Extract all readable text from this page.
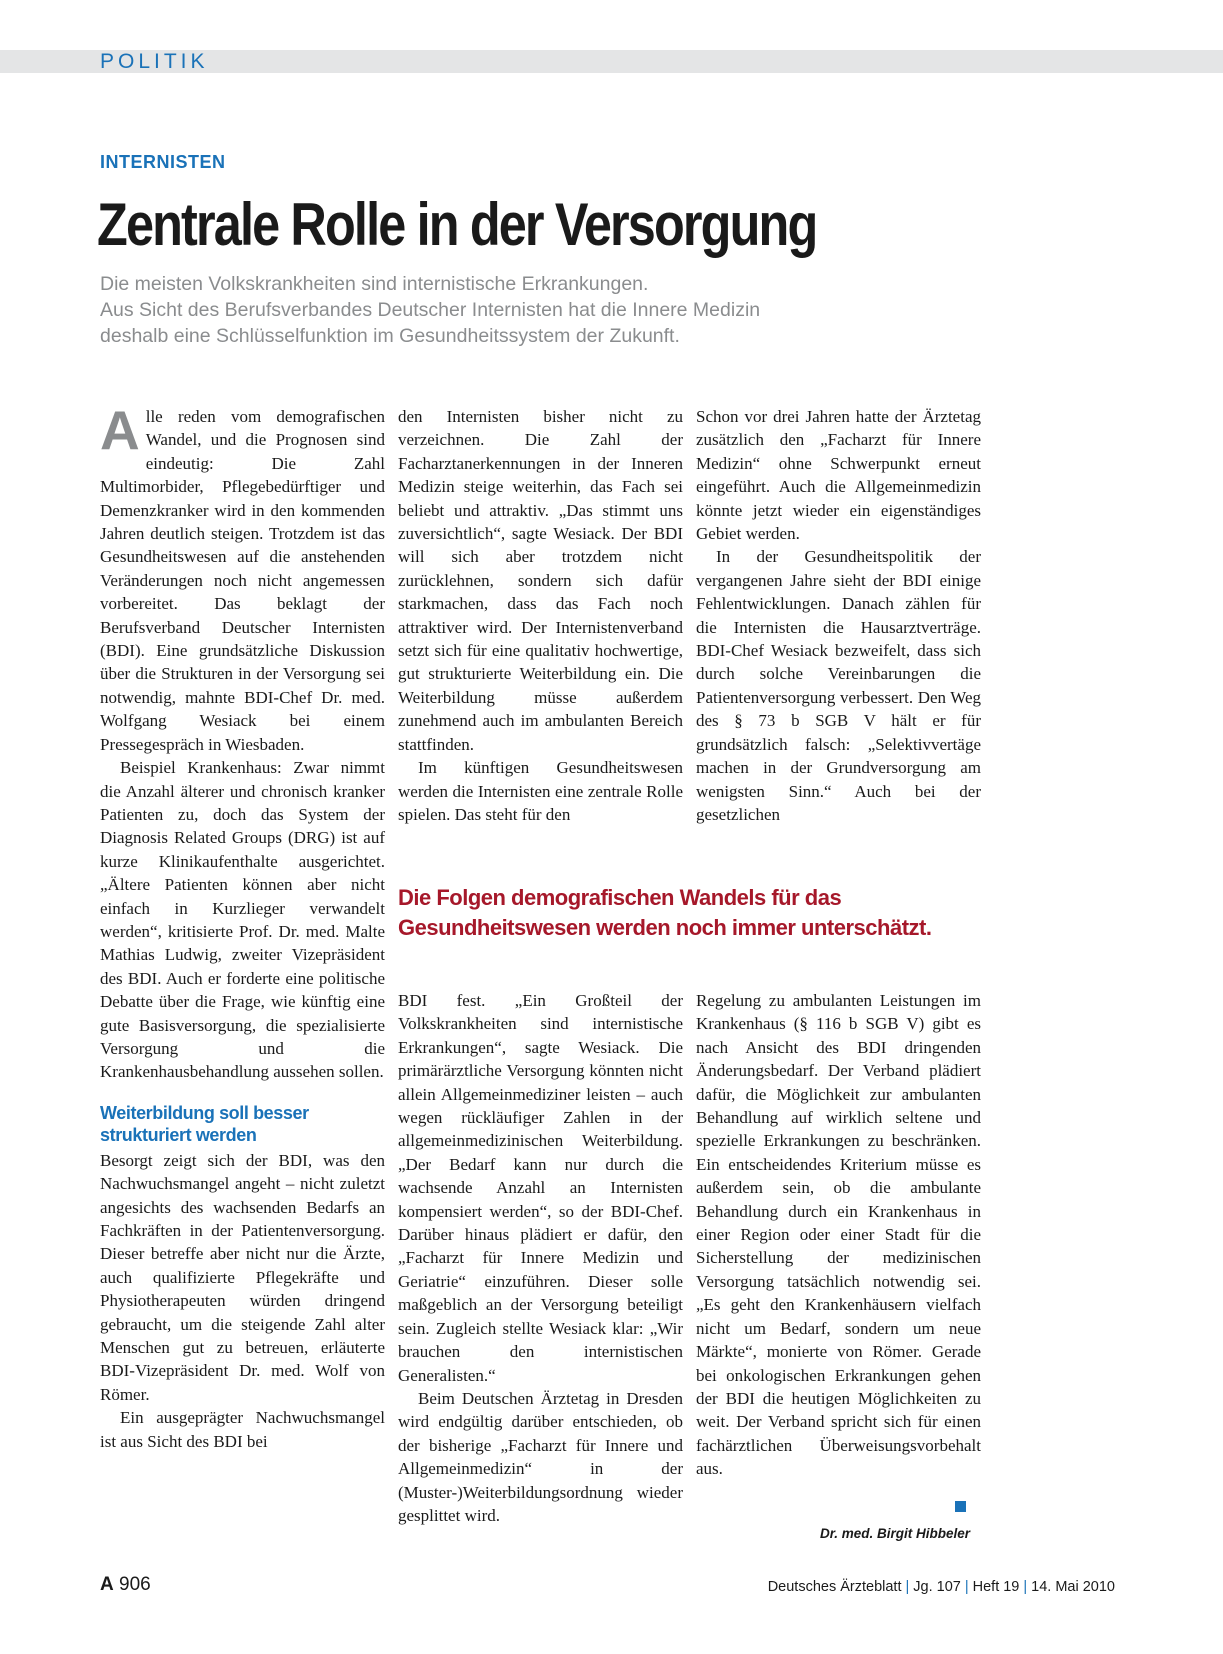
POLITIK
INTERNISTEN
Zentrale Rolle in der Versorgung
Die meisten Volkskrankheiten sind internistische Erkrankungen.
Aus Sicht des Berufsverbandes Deutscher Internisten hat die Innere Medizin
deshalb eine Schlüsselfunktion im Gesundheitssystem der Zukunft.

Alle reden vom demografischen Wandel, und die Prognosen sind eindeutig: Die Zahl Multimorbider, Pflegebedürftiger und Demenzkranker wird in den kommenden Jahren deutlich steigen. Trotzdem ist das Gesundheitswesen auf die anstehenden Veränderungen noch nicht angemessen vorbereitet. Das beklagt der Berufsverband Deutscher Internisten (BDI). Eine grundsätzliche Diskussion über die Strukturen in der Versorgung sei notwendig, mahnte BDI-Chef Dr. med. Wolfgang Wesiack bei einem Pressegespräch in Wiesbaden.

Beispiel Krankenhaus: Zwar nimmt die Anzahl älterer und chronisch kranker Patienten zu, doch das System der Diagnosis Related Groups (DRG) ist auf kurze Klinikaufenthalte ausgerichtet. „Ältere Patienten können aber nicht einfach in Kurzlieger verwandelt werden“, kritisierte Prof. Dr. med. Malte Mathias Ludwig, zweiter Vizepräsident des BDI. Auch er forderte eine politische Debatte über die Frage, wie künftig eine gute Basisversorgung, die spezialisierte Versorgung und die Krankenhausbehandlung aussehen sollen.

Weiterbildung soll besser strukturiert werden

Besorgt zeigt sich der BDI, was den Nachwuchsmangel angeht – nicht zuletzt angesichts des wachsenden Bedarfs an Fachkräften in der Patientenversorgung. Dieser betreffe aber nicht nur die Ärzte, auch qualifizierte Pflegekräfte und Physiotherapeuten würden dringend gebraucht, um die steigende Zahl alter Menschen gut zu betreuen, erläuterte BDI-Vizepräsident Dr. med. Wolf von Römer.

Ein ausgeprägter Nachwuchsmangel ist aus Sicht des BDI bei

den Internisten bisher nicht zu verzeichnen. Die Zahl der Facharztanerkennungen in der Inneren Medizin steige weiterhin, das Fach sei beliebt und attraktiv. „Das stimmt uns zuversichtlich“, sagte Wesiack. Der BDI will sich aber trotzdem nicht zurücklehnen, sondern sich dafür starkmachen, dass das Fach noch attraktiver wird. Der Internistenverband setzt sich für eine qualitativ hochwertige, gut strukturierte Weiterbildung ein. Die Weiterbildung müsse außerdem zunehmend auch im ambulanten Bereich stattfinden.

Im künftigen Gesundheitswesen werden die Internisten eine zentrale Rolle spielen. Das steht für den

Schon vor drei Jahren hatte der Ärztetag zusätzlich den „Facharzt für Innere Medizin“ ohne Schwerpunkt erneut eingeführt. Auch die Allgemeinmedizin könnte jetzt wieder ein eigenständiges Gebiet werden.

In der Gesundheitspolitik der vergangenen Jahre sieht der BDI einige Fehlentwicklungen. Danach zählen für die Internisten die Hausarztverträge. BDI-Chef Wesiack bezweifelt, dass sich durch solche Vereinbarungen die Patientenversorgung verbessert. Den Weg des § 73 b SGB V hält er für grundsätzlich falsch: „Selektivvertäge machen in der Grundversorgung am wenigsten Sinn.“ Auch bei der gesetzlichen

Die Folgen demografischen Wandels für das
Gesundheitswesen werden noch immer unterschätzt.

BDI fest. „Ein Großteil der Volkskrankheiten sind internistische Erkrankungen“, sagte Wesiack. Die primärärztliche Versorgung könnten nicht allein Allgemeinmediziner leisten – auch wegen rückläufiger Zahlen in der allgemeinmedizinischen Weiterbildung. „Der Bedarf kann nur durch die wachsende Anzahl an Internisten kompensiert werden“, so der BDI-Chef. Darüber hinaus plädiert er dafür, den „Facharzt für Innere Medizin und Geriatrie“ einzuführen. Dieser solle maßgeblich an der Versorgung beteiligt sein. Zugleich stellte Wesiack klar: „Wir brauchen den internistischen Generalisten.“

Beim Deutschen Ärztetag in Dresden wird endgültig darüber entschieden, ob der bisherige „Facharzt für Innere und Allgemeinmedizin“ in der (Muster-)Weiterbildungsordnung wieder gesplittet wird.

Regelung zu ambulanten Leistungen im Krankenhaus (§ 116 b SGB V) gibt es nach Ansicht des BDI dringenden Änderungsbedarf. Der Verband plädiert dafür, die Möglichkeit zur ambulanten Behandlung auf wirklich seltene und spezielle Erkrankungen zu beschränken. Ein entscheidendes Kriterium müsse es außerdem sein, ob die ambulante Behandlung durch ein Krankenhaus in einer Region oder einer Stadt für die Sicherstellung der medizinischen Versorgung tatsächlich notwendig sei. „Es geht den Krankenhäusern vielfach nicht um Bedarf, sondern um neue Märkte“, monierte von Römer. Gerade bei onkologischen Erkrankungen gehen der BDI die heutigen Möglichkeiten zu weit. Der Verband spricht sich für einen fachärztlichen Überweisungsvorbehalt aus.

Dr. med. Birgit Hibbeler
A 906	Deutsches Ärzteblatt | Jg. 107 | Heft 19 | 14. Mai 2010
